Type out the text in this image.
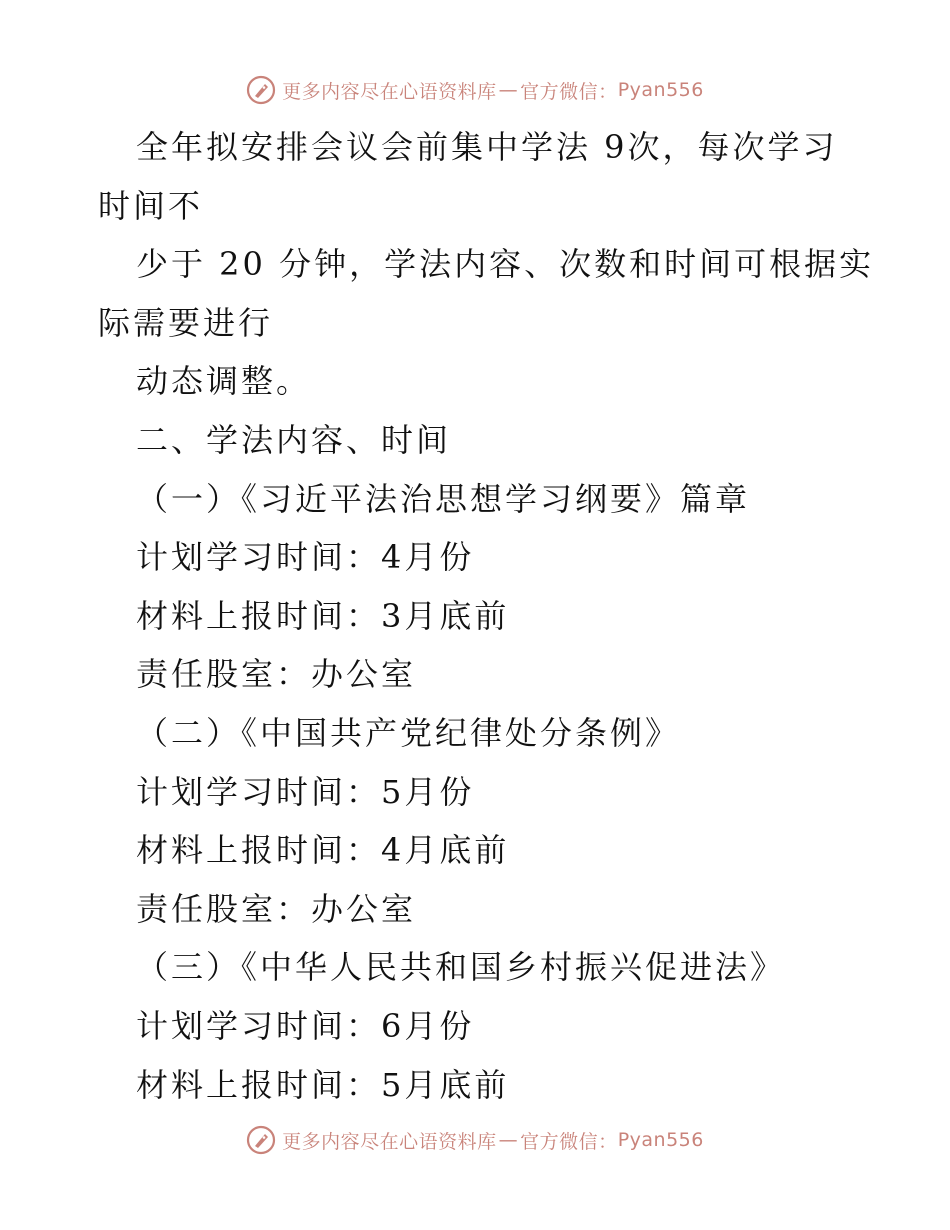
更多内容尽在心语资料库 — 官方微信： Pyan556
全年拟安排会议会前集中学法 9次，每次学习
时间不
少于 20 分钟，学法内容、次数和时间可根据实
际需要进行
动态调整。
二、学法内容、时间
（一）《习近平法治思想学习纲要》篇章
计划学习时间：4月份
材料上报时间：3月底前
责任股室：办公室
（二）《中国共产党纪律处分条例》
计划学习时间：5月份
材料上报时间：4月底前
责任股室：办公室
（三）《中华人民共和国乡村振兴促进法》
计划学习时间：6月份
材料上报时间：5月底前
更多内容尽在心语资料库 — 官方微信： Pyan556
